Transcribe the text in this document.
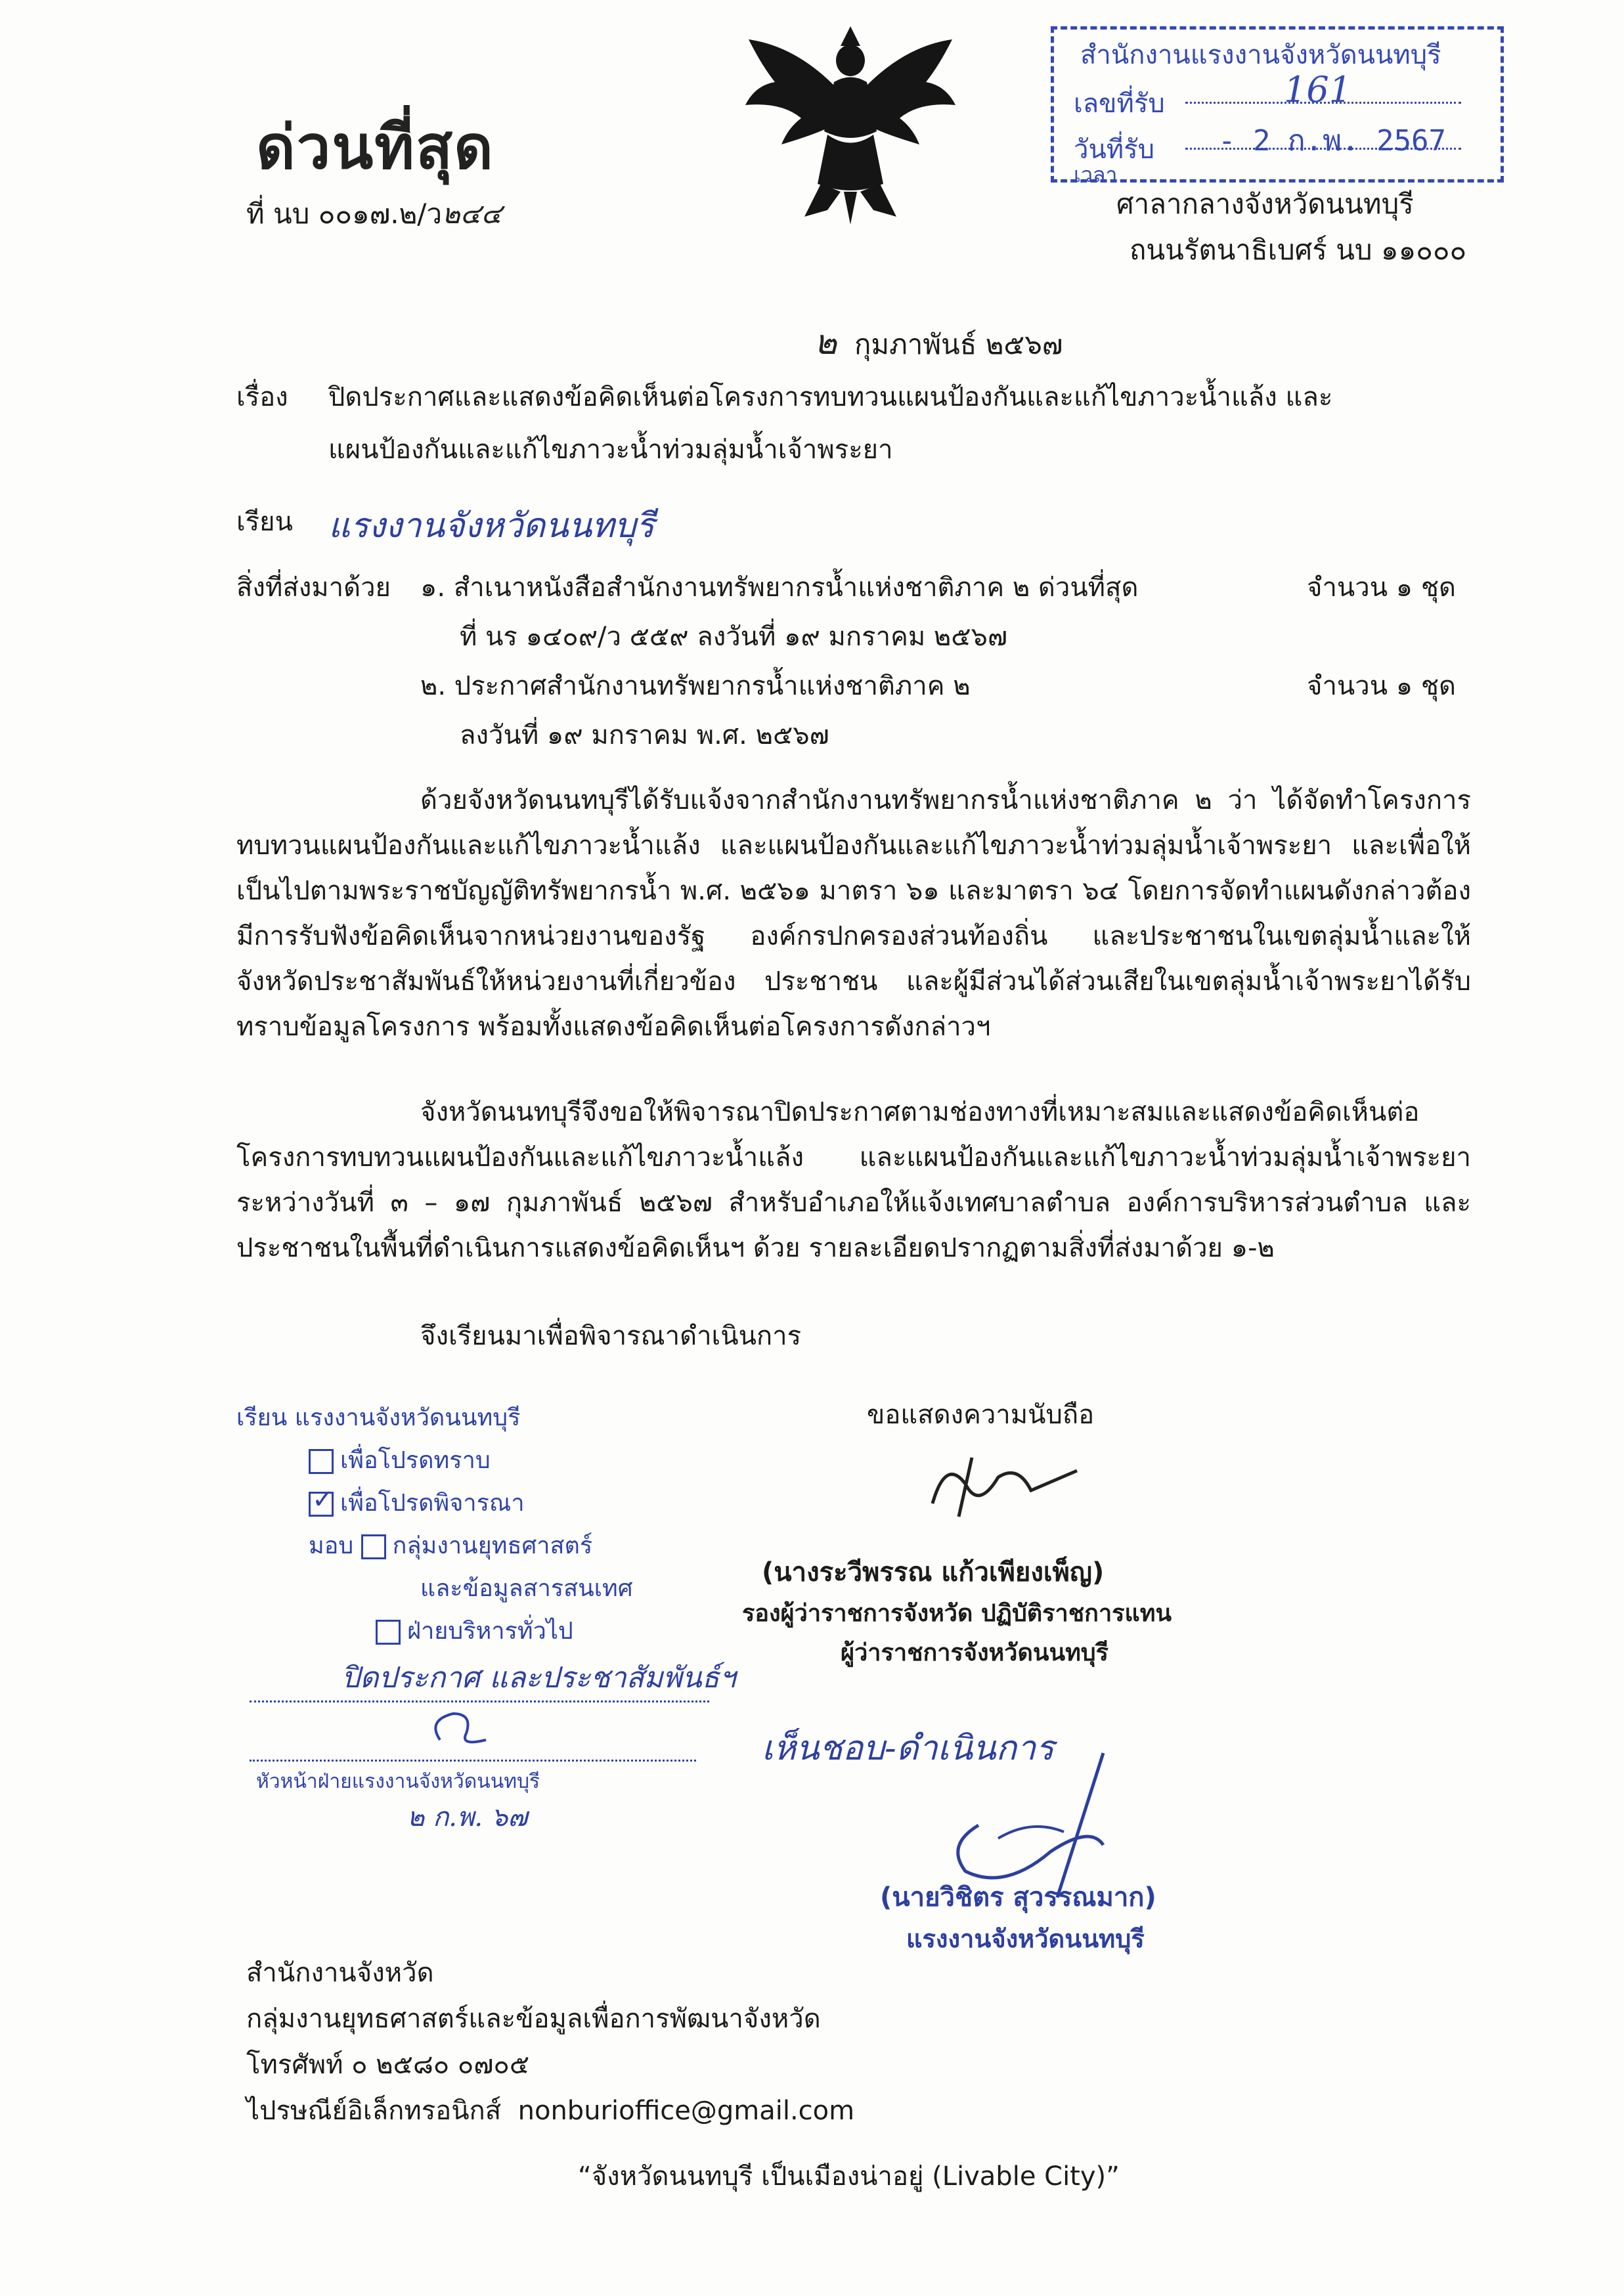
ด่วนที่สุด
ที่ นบ ๐๐๑๗.๒/ว๒๔๔
สำนักงานแรงงานจังหวัดนนทบุรี
เลขที่รับ	161
วันที่รับ - 2 ก.พ. 2567
เวลา
ศาลากลางจังหวัดนนทบุรี
ถนนรัตนาธิเบศร์ นบ ๑๑๐๐๐
๒ กุมภาพันธ์ ๒๕๖๗
เรื่อง ปิดประกาศและแสดงข้อคิดเห็นต่อโครงการทบทวนแผนป้องกันและแก้ไขภาวะน้ำแล้ง และ
แผนป้องกันและแก้ไขภาวะน้ำท่วมลุ่มน้ำเจ้าพระยา
เรียน แรงงานจังหวัดนนทบุรี
สิ่งที่ส่งมาด้วย ๑. สำเนาหนังสือสำนักงานทรัพยากรน้ำแห่งชาติภาค ๒ ด่วนที่สุด	จำนวน ๑ ชุด
ที่ นร ๑๔๐๙/ว ๕๕๙ ลงวันที่ ๑๙ มกราคม ๒๕๖๗
๒. ประกาศสำนักงานทรัพยากรน้ำแห่งชาติภาค ๒	จำนวน ๑ ชุด
ลงวันที่ ๑๙ มกราคม พ.ศ. ๒๕๖๗
ด้วยจังหวัดนนทบุรีได้รับแจ้งจากสำนักงานทรัพยากรน้ำแห่งชาติภาค ๒ ว่า ได้จัดทำโครงการทบทวนแผนป้องกันและแก้ไขภาวะน้ำแล้ง และแผนป้องกันและแก้ไขภาวะน้ำท่วมลุ่มน้ำเจ้าพระยา และเพื่อให้เป็นไปตามพระราชบัญญัติทรัพยากรน้ำ พ.ศ. ๒๕๖๑ มาตรา ๖๑ และมาตรา ๖๔ โดยการจัดทำแผนดังกล่าวต้องมีการรับฟังข้อคิดเห็นจากหน่วยงานของรัฐ องค์กรปกครองส่วนท้องถิ่น และประชาชนในเขตลุ่มน้ำและให้จังหวัดประชาสัมพันธ์ให้หน่วยงานที่เกี่ยวข้อง ประชาชน และผู้มีส่วนได้ส่วนเสียในเขตลุ่มน้ำเจ้าพระยาได้รับทราบข้อมูลโครงการ พร้อมทั้งแสดงข้อคิดเห็นต่อโครงการดังกล่าวฯ
จังหวัดนนทบุรีจึงขอให้พิจารณาปิดประกาศตามช่องทางที่เหมาะสมและแสดงข้อคิดเห็นต่อโครงการทบทวนแผนป้องกันและแก้ไขภาวะน้ำแล้ง และแผนป้องกันและแก้ไขภาวะน้ำท่วมลุ่มน้ำเจ้าพระยาระหว่างวันที่ ๓ – ๑๗ กุมภาพันธ์ ๒๕๖๗ สำหรับอำเภอให้แจ้งเทศบาลตำบล องค์การบริหารส่วนตำบล และประชาชนในพื้นที่ดำเนินการแสดงข้อคิดเห็นฯ ด้วย รายละเอียดปรากฏตามสิ่งที่ส่งมาด้วย ๑-๒
จึงเรียนมาเพื่อพิจารณาดำเนินการ
ขอแสดงความนับถือ
(นางระวีพรรณ แก้วเพียงเพ็ญ)
รองผู้ว่าราชการจังหวัด ปฏิบัติราชการแทน
ผู้ว่าราชการจังหวัดนนทบุรี
เรียน แรงงานจังหวัดนนทบุรี
เพื่อโปรดทราบ
✓ เพื่อโปรดพิจารณา
มอบ กลุ่มงานยุทธศาสตร์
และข้อมูลสารสนเทศ
ฝ่ายบริหารทั่วไป
ปิดประกาศ และประชาสัมพันธ์ฯ
หัวหน้าฝ่ายแรงงานจังหวัดนนทบุรี
๒ ก.พ. ๖๗
เห็นชอบ-ดำเนินการ
(นายวิชิตร สุวรรณมาก)
แรงงานจังหวัดนนทบุรี
สำนักงานจังหวัด
กลุ่มงานยุทธศาสตร์และข้อมูลเพื่อการพัฒนาจังหวัด
โทรศัพท์ ๐ ๒๕๘๐ ๐๗๐๕
ไปรษณีย์อิเล็กทรอนิกส์ nonburioffice@gmail.com
“จังหวัดนนทบุรี เป็นเมืองน่าอยู่ (Livable City)”
